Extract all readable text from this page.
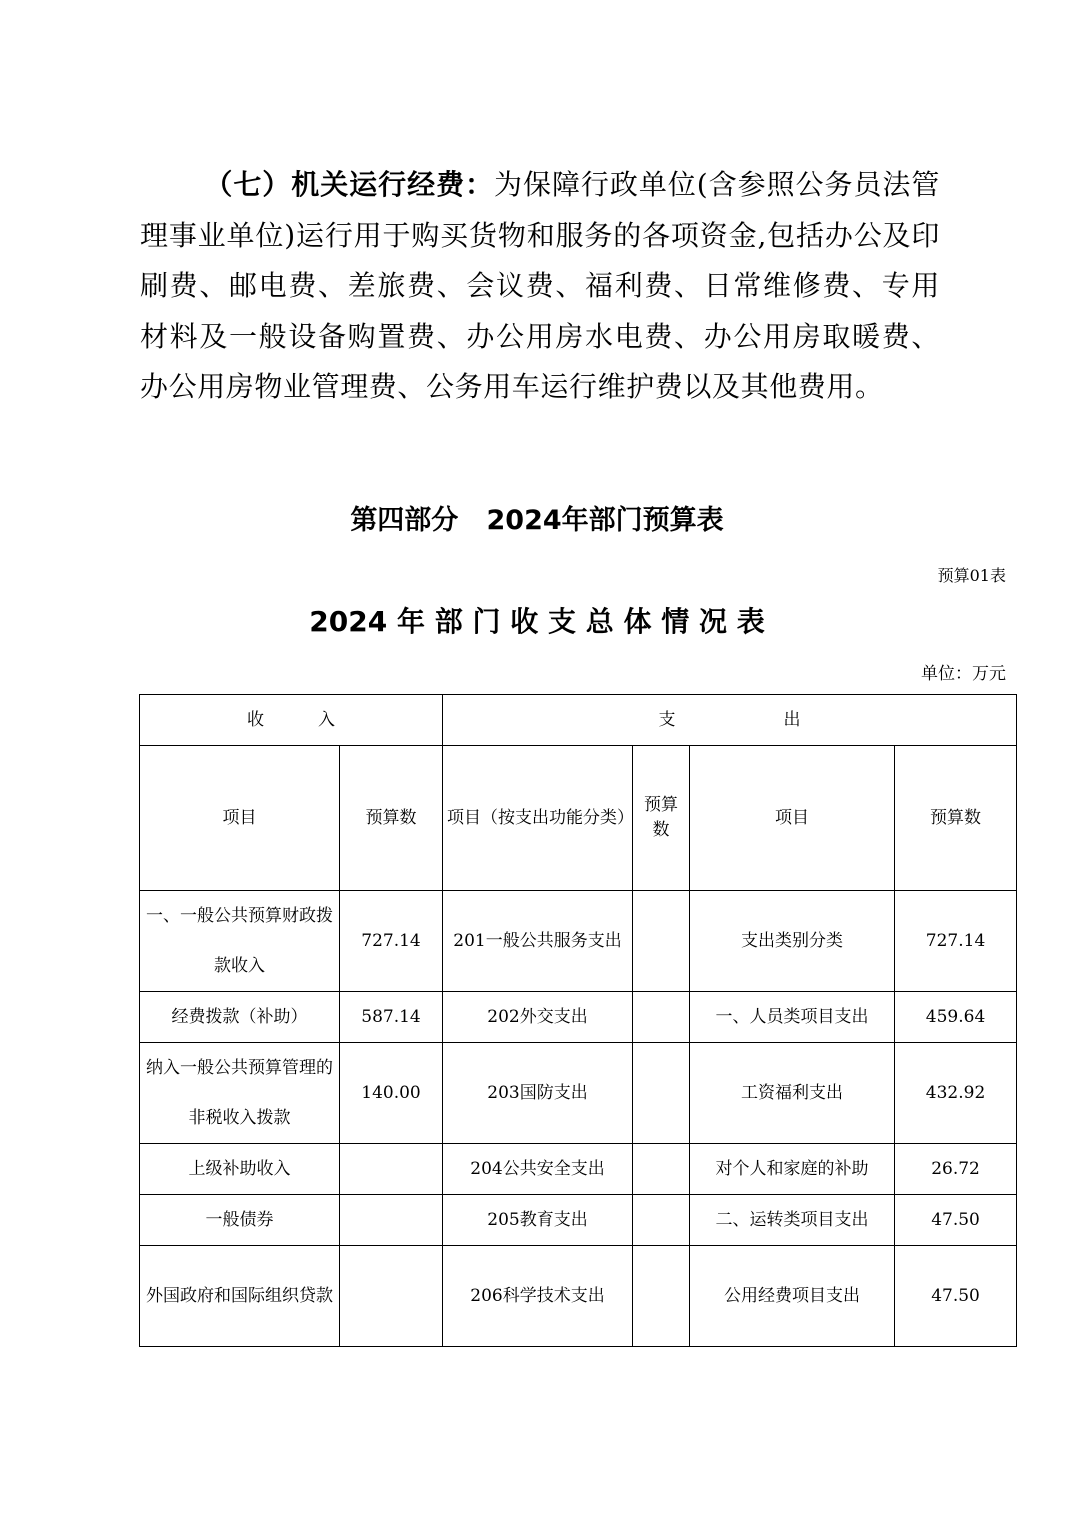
（七）机关运行经费：为保障行政单位(含参照公务员法管理事业单位)运行用于购买货物和服务的各项资金,包括办公及印刷费、邮电费、差旅费、会议费、福利费、日常维修费、专用材料及一般设备购置费、办公用房水电费、办公用房取暖费、办公用房物业管理费、公务用车运行维护费以及其他费用。

第四部分   2024年部门预算表
预算01表
2024 年 部 门 收 支 总 体 情 况 表
单位：万元
收          入		支                    出			
项目	预算数	项目（按支出功能分类）	预算数	项目	预算数
一、一般公共预算财政拨款收入	727.14	201一般公共服务支出		支出类别分类	727.14
经费拨款（补助）	587.14	202外交支出		一、人员类项目支出	459.64
纳入一般公共预算管理的非税收入拨款	140.00	203国防支出		工资福利支出	432.92
上级补助收入		204公共安全支出		对个人和家庭的补助	26.72
一般债券		205教育支出		二、运转类项目支出	47.50
外国政府和国际组织贷款		206科学技术支出		公用经费项目支出	47.50
